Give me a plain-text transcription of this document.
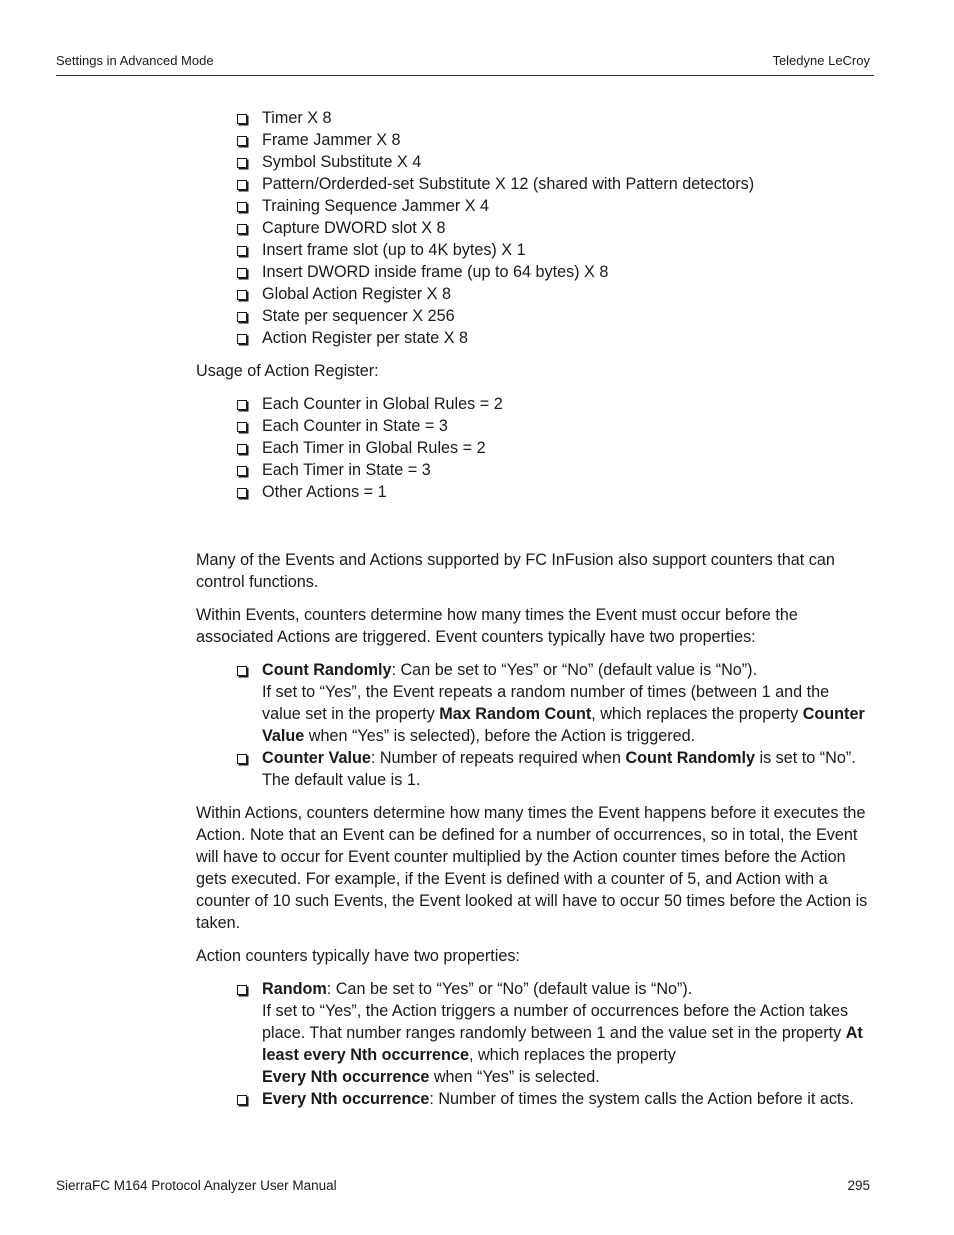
Settings in Advanced Mode	Teledyne LeCroy
Timer X 8
Frame Jammer X 8
Symbol Substitute X 4
Pattern/Orderded-set Substitute X 12 (shared with Pattern detectors)
Training Sequence Jammer X 4
Capture DWORD slot X 8
Insert frame slot (up to 4K bytes) X 1
Insert DWORD inside frame (up to 64 bytes) X 8
Global Action Register X 8
State per sequencer X 256
Action Register per state X 8

Usage of Action Register:

Each Counter in Global Rules = 2
Each Counter in State = 3
Each Timer in Global Rules = 2
Each Timer in State = 3
Other Actions = 1

Many of the Events and Actions supported by FC InFusion also support counters that can control functions.

Within Events, counters determine how many times the Event must occur before the associated Actions are triggered. Event counters typically have two properties:

Count Randomly: Can be set to “Yes” or “No” (default value is “No”).
If set to “Yes”, the Event repeats a random number of times (between 1 and the value set in the property Max Random Count, which replaces the property Counter Value when “Yes” is selected), before the Action is triggered.
Counter Value: Number of repeats required when Count Randomly is set to “No”. The default value is 1.

Within Actions, counters determine how many times the Event happens before it executes the Action. Note that an Event can be defined for a number of occurrences, so in total, the Event will have to occur for Event counter multiplied by the Action counter times before the Action gets executed. For example, if the Event is defined with a counter of 5, and Action with a counter of 10 such Events, the Event looked at will have to occur 50 times before the Action is taken.

Action counters typically have two properties:

Random: Can be set to “Yes” or “No” (default value is “No”).
If set to “Yes”, the Action triggers a number of occurrences before the Action takes place. That number ranges randomly between 1 and the value set in the property At least every Nth occurrence, which replaces the property
Every Nth occurrence when “Yes” is selected.
Every Nth occurrence: Number of times the system calls the Action before it acts.
SierraFC M164 Protocol Analyzer User Manual	295
